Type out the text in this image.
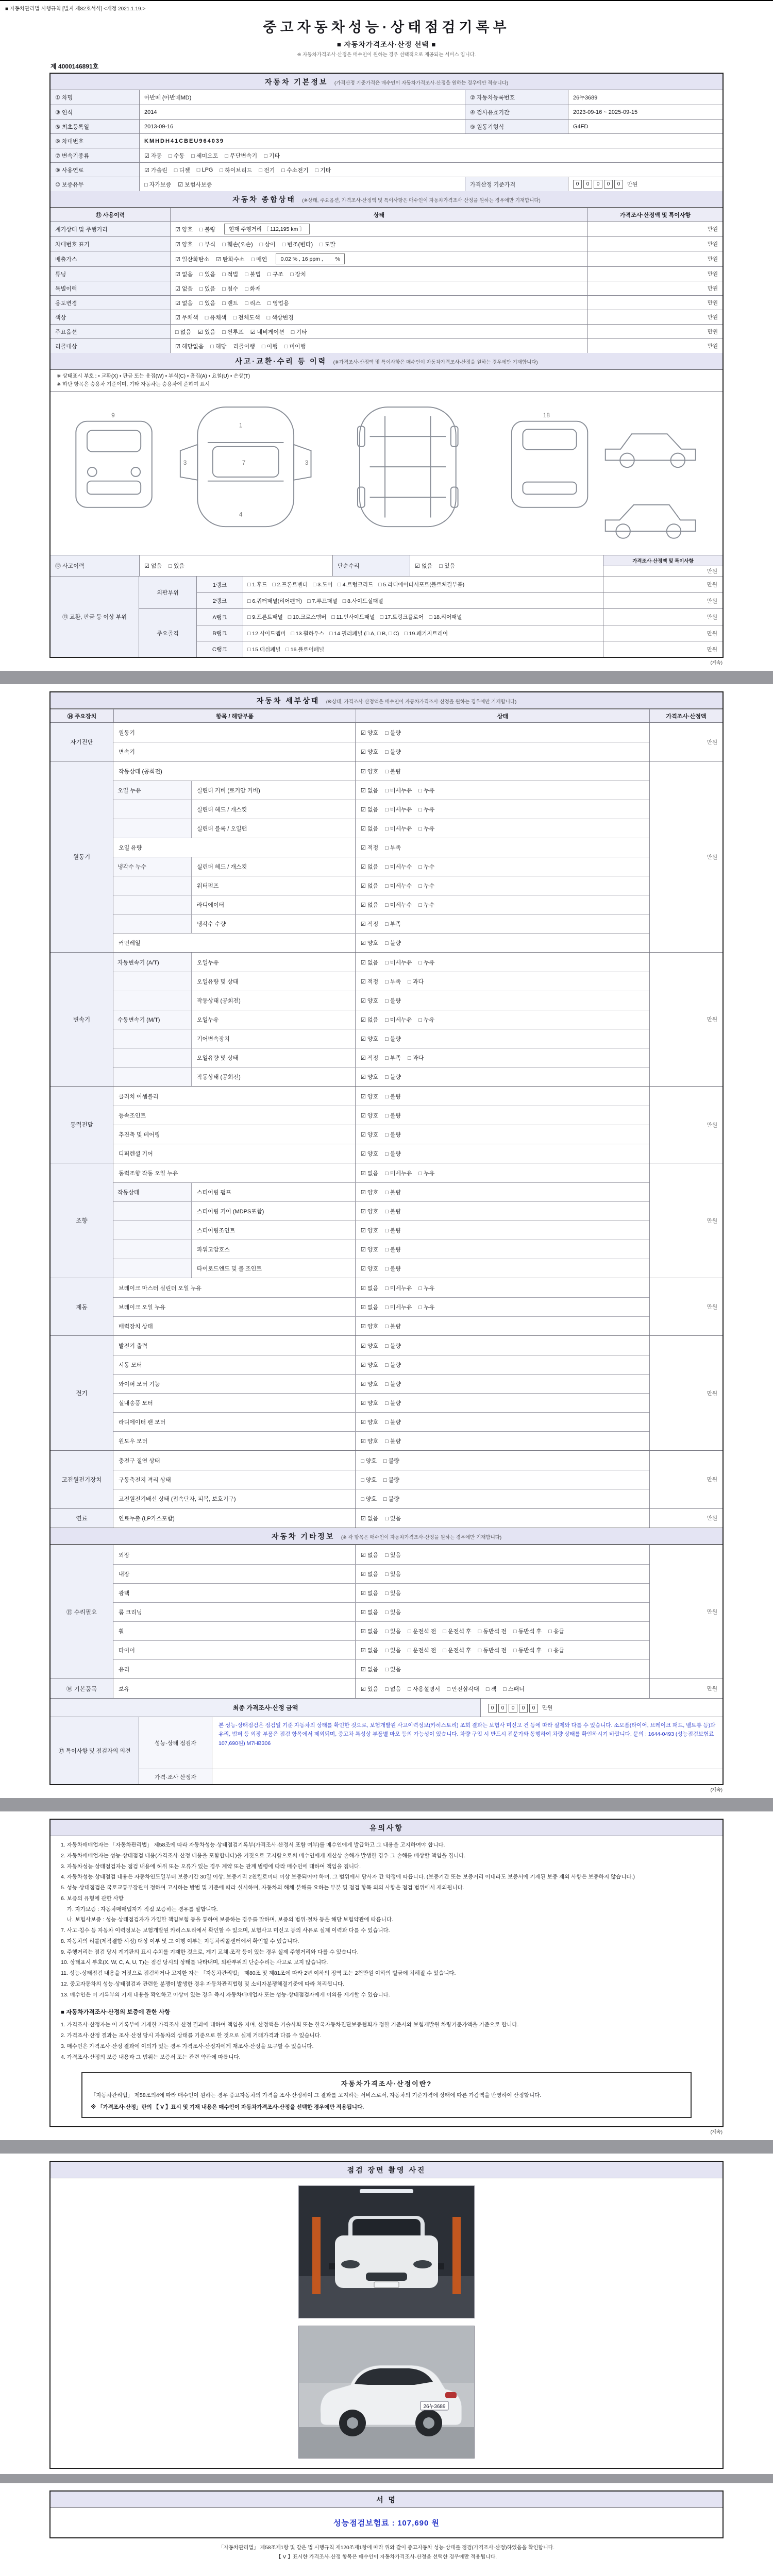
■ 자동차관리법 시행규칙 [별지 제82호서식] <개정 2021.1.19.>
중고자동차성능·상태점검기록부
■ 자동차가격조사·산정 선택 ■
※ 자동차가격조사·산정은 매수인이 원하는 경우 선택적으로 제공되는 서비스 입니다.
제 4000146891호
자동차 기본정보 (가격산정 기준가격은 매수인이 자동차가격조사·산정을 원하는 경우에만 적습니다)
① 차명	아반떼 (아반떼MD)	② 자동차등록번호	26누3689
③ 연식	2014	④ 검사유효기간	2023-09-16 ~ 2025-09-15
⑤ 최초등록일	2013-09-16	⑨ 원동기형식	G4FD
⑥ 차대번호	KMHDH41CBEU964039
⑦ 변속기종류	☑ 자동 □ 수동 □ 세미오토 □ 무단변속기 □ 기타
⑧ 사용연료	☑ 가솔린 □ 디젤 □ LPG □ 하이브리드 □ 전기 □ 수소전기 □ 기타
⑩ 보증유무	□ 자가보증 ☑ 보험사보증	가격산정 기준가격	0 0 0 0 0	만원
자동차 종합상태 (※상태, 주요옵션, 가격조사·산정액 및 특이사항은 매수인이 자동차가격조사·산정을 원하는 경우에만 기재합니다)
⑪ 사용이력	상태	가격조사·산정액 및 특이사항
계기상태 및 주행거리	☑ 양호 □ 불량	현재 주행거리 〔 112,195 km 〕	만원
차대번호 표기	☑ 양호 □ 부식 □ 훼손(오손) □ 상이 □ 변조(변타) □ 도말	만원
배출가스	☑ 일산화탄소 ☑ 탄화수소 □ 매연	0.02 % , 16 ppm ,　　 %	만원
튜닝	☑ 없음 □ 있음 □ 적법 □ 불법 □ 구조 □ 장치	만원
특별이력	☑ 없음 □ 있음 □ 침수 □ 화재	만원
용도변경	☑ 없음 □ 있음 □ 렌트 □ 리스 □ 영업용	만원
색상	☑ 무채색 □ 유채색 □ 전체도색 □ 색상변경	만원
주요옵션	□ 없음 ☑ 있음 □ 썬루프 ☑ 네비게이션 □ 기타	만원
리콜대상	☑ 해당없음 □ 해당 리콜이행 □ 이행 □ 미이행	만원
사고·교환·수리 등 이력 (※가격조사·산정액 및 특이사항은 매수인이 자동차가격조사·산정을 원하는 경우에만 기재합니다)
※ 상태표시 부호 : • 교환(X) • 판금 또는 용접(W) • 부식(C) • 흠집(A) • 요철(U) • 손상(T)
※ 하단 항목은 승용차 기준이며, 기타 자동차는 승용차에 준하여 표시
1
7
4
3	3
9	18
⑫ 사고이력	☑ 없음 □ 있음	단순수리	☑ 없음 □ 있음
가격조사·산정액 및 특이사항
만원
⑬ 교환, 판금 등 이상 부위
외판부위
1랭크	□ 1.후드 □ 2.프론트펜더 □ 3.도어 □ 4.트렁크리드 □ 5.라디에이터서포트(볼트체결부품)	만원
2랭크	□ 6.쿼터패널(리어펜더) □ 7.루프패널 □ 8.사이드실패널	만원
주요골격
A랭크	□ 9.프론트패널 □ 10.크로스멤버 □ 11.인사이드패널 □ 17.트렁크플로어 □ 18.리어패널	만원
B랭크	□ 12.사이드멤버 □ 13.휠하우스 □ 14.필러패널 (□ A, □ B, □ C) □ 19.패키지트레이	만원
C랭크	□ 15.대쉬패널 □ 16.플로어패널	만원
(계속)
자동차 세부상태 (※상태, 가격조사·산정액은 매수인이 자동차가격조사·산정을 원하는 경우에만 기재합니다)
⑭ 주요장치	항목 / 해당부품	상태	가격조사·산정액
자기진단
원동기	☑ 양호 □ 불량
변속기	☑ 양호 □ 불량
만원
원동기
작동상태 (공회전)	☑ 양호 □ 불량
오일 누유	실린더 커버 (로커암 커버)	☑ 없음 □ 미세누유 □ 누유
실린더 헤드 / 개스킷	☑ 없음 □ 미세누유 □ 누유
실린더 블록 / 오일팬	☑ 없음 □ 미세누유 □ 누유
오일 유량	☑ 적정 □ 부족
냉각수 누수	실린더 헤드 / 개스킷	☑ 없음 □ 미세누수 □ 누수
워터펌프	☑ 없음 □ 미세누수 □ 누수
라디에이터	☑ 없음 □ 미세누수 □ 누수
냉각수 수량	☑ 적정 □ 부족
커먼레일	☑ 양호 □ 불량
만원
변속기
자동변속기 (A/T)	오일누유	☑ 없음 □ 미세누유 □ 누유
오일유량 및 상태	☑ 적정 □ 부족 □ 과다
작동상태 (공회전)	☑ 양호 □ 불량
수동변속기 (M/T)	오일누유	☑ 없음 □ 미세누유 □ 누유
기어변속장치	☑ 양호 □ 불량
오일유량 및 상태	☑ 적정 □ 부족 □ 과다
작동상태 (공회전)	☑ 양호 □ 불량
만원
동력전달
클러치 어셈블리	☑ 양호 □ 불량
등속조인트	☑ 양호 □ 불량
추진축 및 베어링	☑ 양호 □ 불량
디퍼렌셜 기어	☑ 양호 □ 불량
만원
조향
동력조향 작동 오일 누유	☑ 없음 □ 미세누유 □ 누유
작동상태	스티어링 펌프	☑ 양호 □ 불량
스티어링 기어 (MDPS포함)	☑ 양호 □ 불량
스티어링조인트	☑ 양호 □ 불량
파워고압호스	☑ 양호 □ 불량
타이로드엔드 및 볼 조인트	☑ 양호 □ 불량
만원
제동
브레이크 마스터 실린더 오일 누유	☑ 없음 □ 미세누유 □ 누유
브레이크 오일 누유	☑ 없음 □ 미세누유 □ 누유
배력장치 상태	☑ 양호 □ 불량
만원
전기
발전기 출력	☑ 양호 □ 불량
시동 모터	☑ 양호 □ 불량
와이퍼 모터 기능	☑ 양호 □ 불량
실내송풍 모터	☑ 양호 □ 불량
라디에이터 팬 모터	☑ 양호 □ 불량
윈도우 모터	☑ 양호 □ 불량
만원
고전원전기장치
충전구 절연 상태	□ 양호 □ 불량
구동축전지 격리 상태	□ 양호 □ 불량
고전원전기배선 상태 (접속단자, 피복, 보호기구)	□ 양호 □ 불량
만원
연료	연료누출 (LP가스포함)	☑ 없음 □ 있음	만원
자동차 기타정보 (※ 각 항목은 매수인이 자동차가격조사·산정을 원하는 경우에만 기재합니다)
⑮ 수리필요
외장	☑ 없음 □ 있음
내장	☑ 없음 □ 있음
광택	☑ 없음 □ 있음
룸 크리닝	☑ 없음 □ 있음
휠	☑ 없음 □ 있음 □ 운전석 전 □ 운전석 후 □ 동반석 전 □ 동반석 후 □ 응급
타이어	☑ 없음 □ 있음 □ 운전석 전 □ 운전석 후 □ 동반석 전 □ 동반석 후 □ 응급
유리	☑ 없음 □ 있음
만원
⑯ 기본품목	보유	☑ 있음 □ 없음 □ 사용설명서 □ 안전삼각대 □ 잭 □ 스패너	만원
최종 가격조사·산정 금액	0 0 0 0 0	만원
⑰ 특이사항 및 점검자의 의견
성능·상태 점검자
본 성능·상태점검은 점검일 기준 자동차의 상태를 확인한 것으로, 보험개발원 사고이력정보(카히스토리) 조회 결과는 보험사 미신고 건 등에 따라 실제와 다를 수 있습니다. 소모품(타이어, 브레이크 패드, 벨트류 등)과 유리, 범퍼 등 외장 부품은 점검 항목에서 제외되며, 중고차 특성상 부품별 마모 등의 가능성이 있습니다. 차량 구입 시 반드시 전문가와 동행하여 차량 상태를 확인하시기 바랍니다. 문의 : 1644-0493 (성능점검보험료 107,690원) M7HB306
가격·조사 산정자
(계속)
유의사항
1. 자동차매매업자는 「자동차관리법」 제58조에 따라 자동차성능·상태점검기록부(가격조사·산정서 포함 여부)를 매수인에게 발급하고 그 내용을 고지하여야 합니다.
2. 자동차매매업자는 성능·상태점검 내용(가격조사·산정 내용을 포함합니다)을 거짓으로 고지함으로써 매수인에게 재산상 손해가 발생한 경우 그 손해를 배상할 책임을 집니다.
3. 자동차성능·상태점검자는 점검 내용에 허위 또는 오류가 있는 경우 계약 또는 관계 법령에 따라 매수인에 대하여 책임을 집니다.
4. 자동차성능·상태점검 내용은 자동차인도일부터 보증기간 30일 이상, 보증거리 2천킬로미터 이상 보증되어야 하며, 그 범위에서 당사자 간 약정에 따릅니다. (보증기간 또는 보증거리 이내라도 보증서에 기재된 보증 제외 사항은 보증하지 않습니다.)
5. 성능·상태점검은 국토교통부장관이 정하여 고시하는 방법 및 기준에 따라 실시하며, 자동차의 해체·분해를 요하는 부분 및 점검 항목 외의 사항은 점검 범위에서 제외됩니다.
6. 보증의 유형에 관한 사항
가. 자가보증 : 자동차매매업자가 직접 보증하는 경우를 말합니다.
나. 보험사보증 : 성능·상태점검자가 가입한 책임보험 등을 통하여 보증하는 경우를 말하며, 보증의 범위·절차 등은 해당 보험약관에 따릅니다.
7. 사고·침수 등 자동차 이력정보는 보험개발원 카히스토리에서 확인할 수 있으며, 보험사고 미신고 등의 사유로 실제 이력과 다를 수 있습니다.
8. 자동차의 리콜(제작결함 시정) 대상 여부 및 그 이행 여부는 자동차리콜센터에서 확인할 수 있습니다.
9. 주행거리는 점검 당시 계기판의 표시 수치를 기재한 것으로, 계기 교체·조작 등이 있는 경우 실제 주행거리와 다를 수 있습니다.
10. 상태표시 부호(X, W, C, A, U, T)는 점검 당시의 상태를 나타내며, 외판부위의 단순수리는 사고로 보지 않습니다.
11. 성능·상태점검 내용을 거짓으로 점검하거나 고지한 자는 「자동차관리법」 제80조 및 제81조에 따라 2년 이하의 징역 또는 2천만원 이하의 벌금에 처해질 수 있습니다.
12. 중고자동차의 성능·상태점검과 관련한 분쟁이 발생한 경우 자동차관리법령 및 소비자분쟁해결기준에 따라 처리됩니다.
13. 매수인은 이 기록부의 기재 내용을 확인하고 이상이 있는 경우 즉시 자동차매매업자 또는 성능·상태점검자에게 이의를 제기할 수 있습니다.
■ 자동차가격조사·산정의 보증에 관한 사항
1. 가격조사·산정자는 이 기록부에 기재한 가격조사·산정 결과에 대하여 책임을 지며, 산정액은 기술사회 또는 한국자동차진단보증협회가 정한 기준서와 보험개발원 차량기준가액을 기준으로 합니다.
2. 가격조사·산정 결과는 조사·산정 당시 자동차의 상태를 기준으로 한 것으로 실제 거래가격과 다를 수 있습니다.
3. 매수인은 가격조사·산정 결과에 이의가 있는 경우 가격조사·산정자에게 재조사·산정을 요구할 수 있습니다.
4. 가격조사·산정의 보증 내용과 그 범위는 보증서 또는 관련 약관에 따릅니다.
자동차가격조사·산정이란?
「자동차관리법」 제58조의4에 따라 매수인이 원하는 경우 중고자동차의 가격을 조사·산정하여 그 결과를 고지하는 서비스로서, 자동차의 기준가격에 상태에 따른 가감액을 반영하여 산정합니다.
※ 「가격조사·산정」란의 【 V 】표시 및 기재 내용은 매수인이 자동차가격조사·산정을 선택한 경우에만 적용됩니다.
(계속)
점검 장면 촬영 사진
26누3689
서 명
성능점검보험료 : 107,690 원
「자동차관리법」 제58조제1항 및 같은 법 시행규칙 제120조제1항에 따라 위와 같이 중고자동차 성능·상태를 점검(가격조사·산정)하였음을 확인합니다.
【 V 】표시한 가격조사·산정 항목은 매수인이 자동차가격조사·산정을 선택한 경우에만 적용됩니다.
